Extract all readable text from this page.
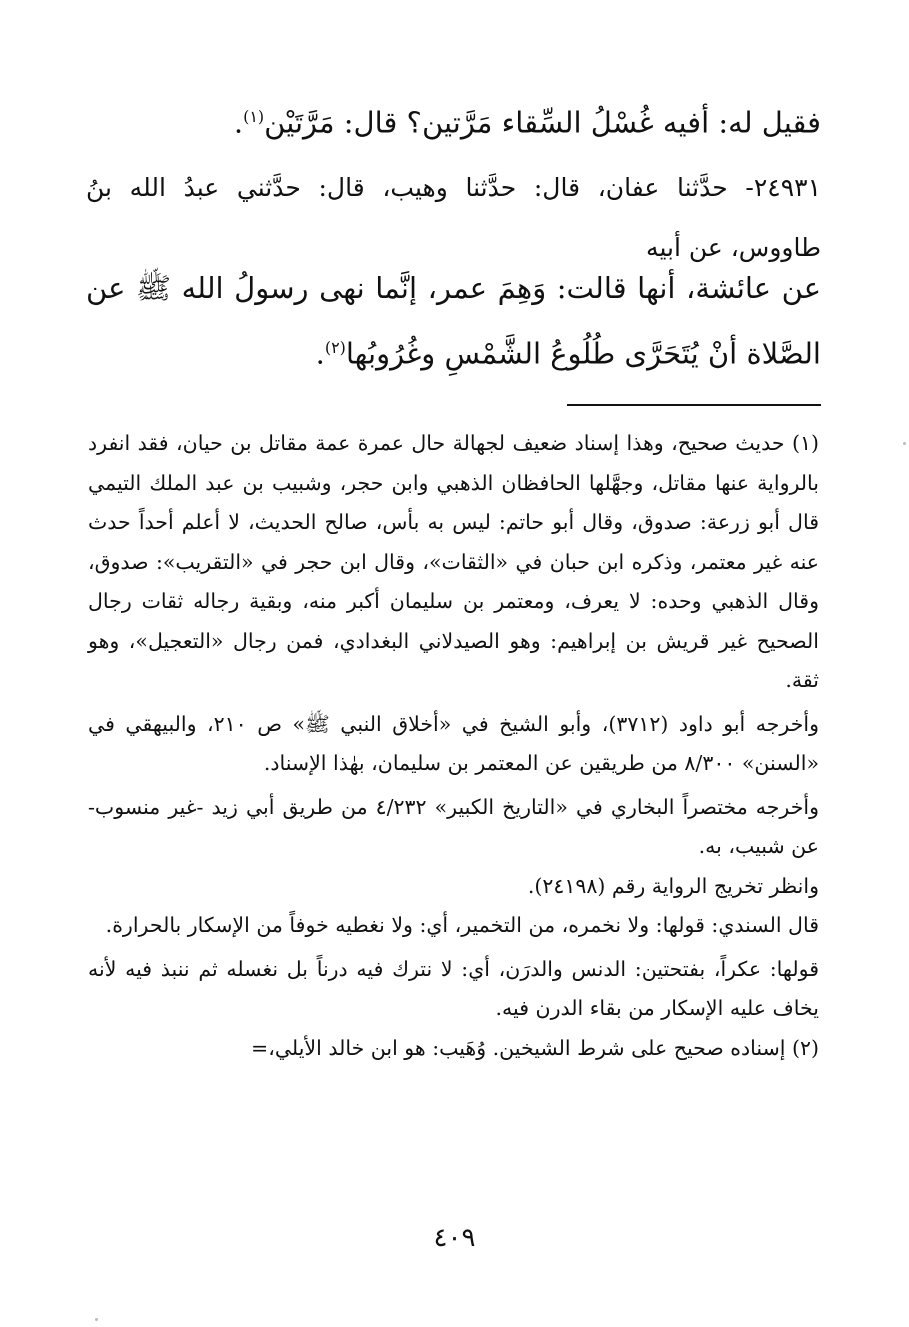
فقيل له: أفيه غُسْلُ السِّقاء مَرَّتين؟ قال: مَرَّتَيْن$^{(١)}$.
٢٤٩٣١- حدَّثنا عفان، قال: حدَّثنا وهيب، قال: حدَّثني عبدُ الله بنُ طاووس، عن أبيه
عن عائشة، أنها قالت: وَهِمَ عمر، إنَّما نهى رسولُ الله ﷺ عن الصَّلاة أنْ يُتَحَرَّى طُلُوعُ الشَّمْسِ وغُرُوبُها$^{(٢)}$.

(١) حديث صحيح، وهذا إسناد ضعيف لجهالة حال عمرة عمة مقاتل بن حيان، فقد انفرد بالرواية عنها مقاتل، وجهَّلها الحافظان الذهبي وابن حجر، وشبيب بن عبد الملك التيمي قال أبو زرعة: صدوق، وقال أبو حاتم: ليس به بأس، صالح الحديث، لا أعلم أحداً حدث عنه غير معتمر، وذكره ابن حبان في «الثقات»، وقال ابن حجر في «التقريب»: صدوق، وقال الذهبي وحده: لا يعرف، ومعتمر بن سليمان أكبر منه، وبقية رجاله ثقات رجال الصحيح غير قريش بن إبراهيم: وهو الصيدلاني البغدادي، فمن رجال «التعجيل»، وهو ثقة.

وأخرجه أبو داود (٣٧١٢)، وأبو الشيخ في «أخلاق النبي ﷺ» ص ٢١٠، والبيهقي في «السنن» ٨/٣٠٠ من طريقين عن المعتمر بن سليمان، بهٰذا الإسناد.

وأخرجه مختصراً البخاري في «التاريخ الكبير» ٤/٢٣٢ من طريق أبي زيد -غير منسوب- عن شبيب، به.

وانظر تخريج الرواية رقم (٢٤١٩٨).

قال السندي: قولها: ولا نخمره، من التخمير، أي: ولا نغطيه خوفاً من الإسكار بالحرارة.

قولها: عكراً، بفتحتين: الدنس والدرَن، أي: لا نترك فيه درناً بل نغسله ثم ننبذ فيه لأنه يخاف عليه الإسكار من بقاء الدرن فيه.

(٢) إسناده صحيح على شرط الشيخين. وُهَيب: هو ابن خالد الأيلي،=

٤٠٩
